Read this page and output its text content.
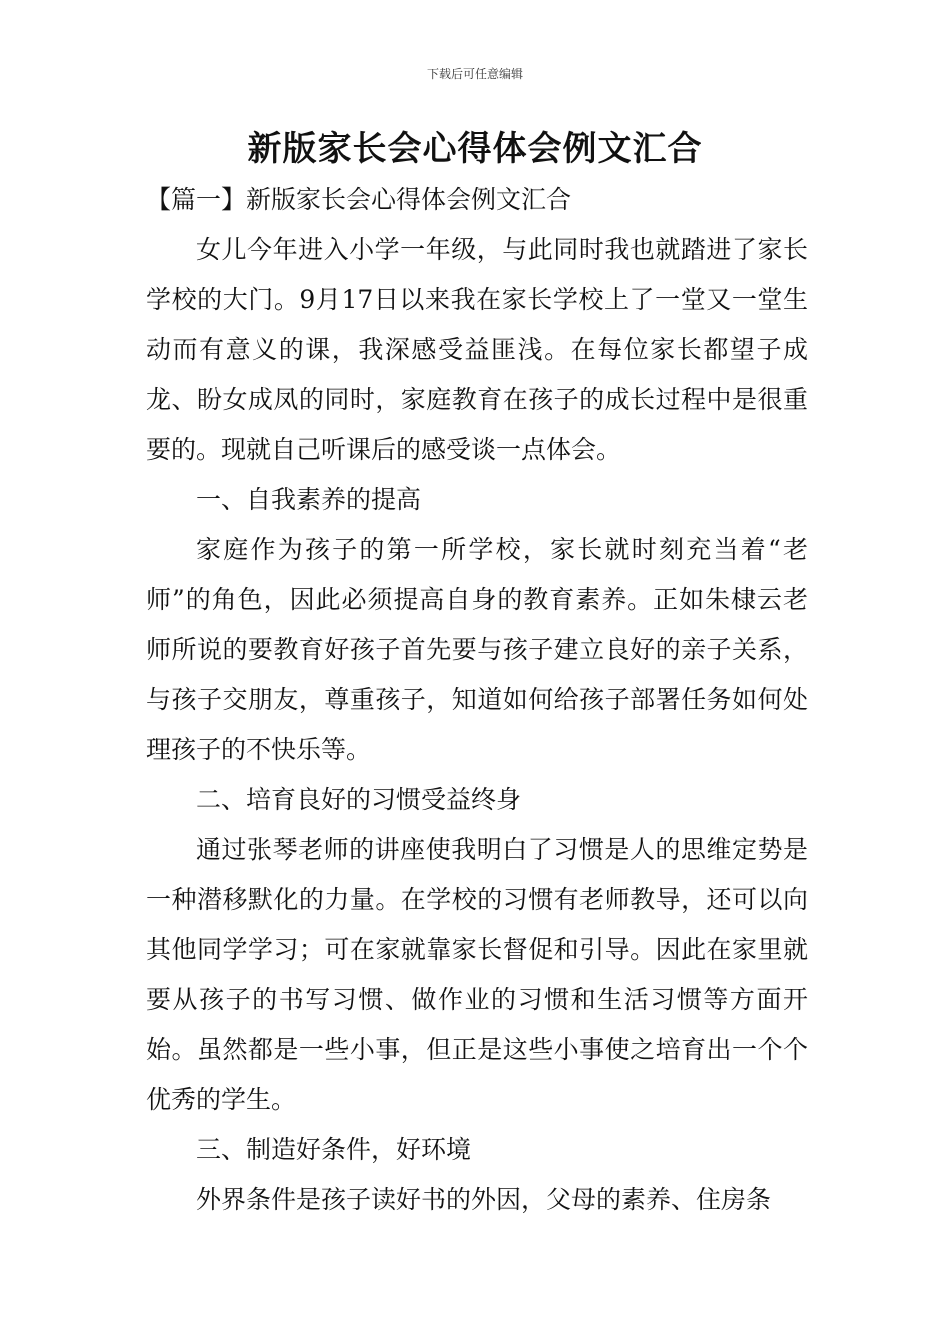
下载后可任意编辑
新版家长会心得体会例文汇合

【篇一】新版家长会心得体会例文汇合

女儿今年进入小学一年级，与此同时我也就踏进了家长学校的大门。9月17日以来我在家长学校上了一堂又一堂生动而有意义的课，我深感受益匪浅。在每位家长都望子成龙、盼女成凤的同时，家庭教育在孩子的成长过程中是很重要的。现就自己听课后的感受谈一点体会。

一、自我素养的提高

家庭作为孩子的第一所学校，家长就时刻充当着“老师”的角色，因此必须提高自身的教育素养。正如朱棣云老师所说的要教育好孩子首先要与孩子建立良好的亲子关系，与孩子交朋友，尊重孩子，知道如何给孩子部署任务如何处理孩子的不快乐等。

二、培育良好的习惯受益终身

通过张琴老师的讲座使我明白了习惯是人的思维定势是一种潜移默化的力量。在学校的习惯有老师教导，还可以向其他同学学习；可在家就靠家长督促和引导。因此在家里就要从孩子的书写习惯、做作业的习惯和生活习惯等方面开始。虽然都是一些小事，但正是这些小事使之培育出一个个优秀的学生。

三、制造好条件，好环境

外界条件是孩子读好书的外因，父母的素养、住房条
